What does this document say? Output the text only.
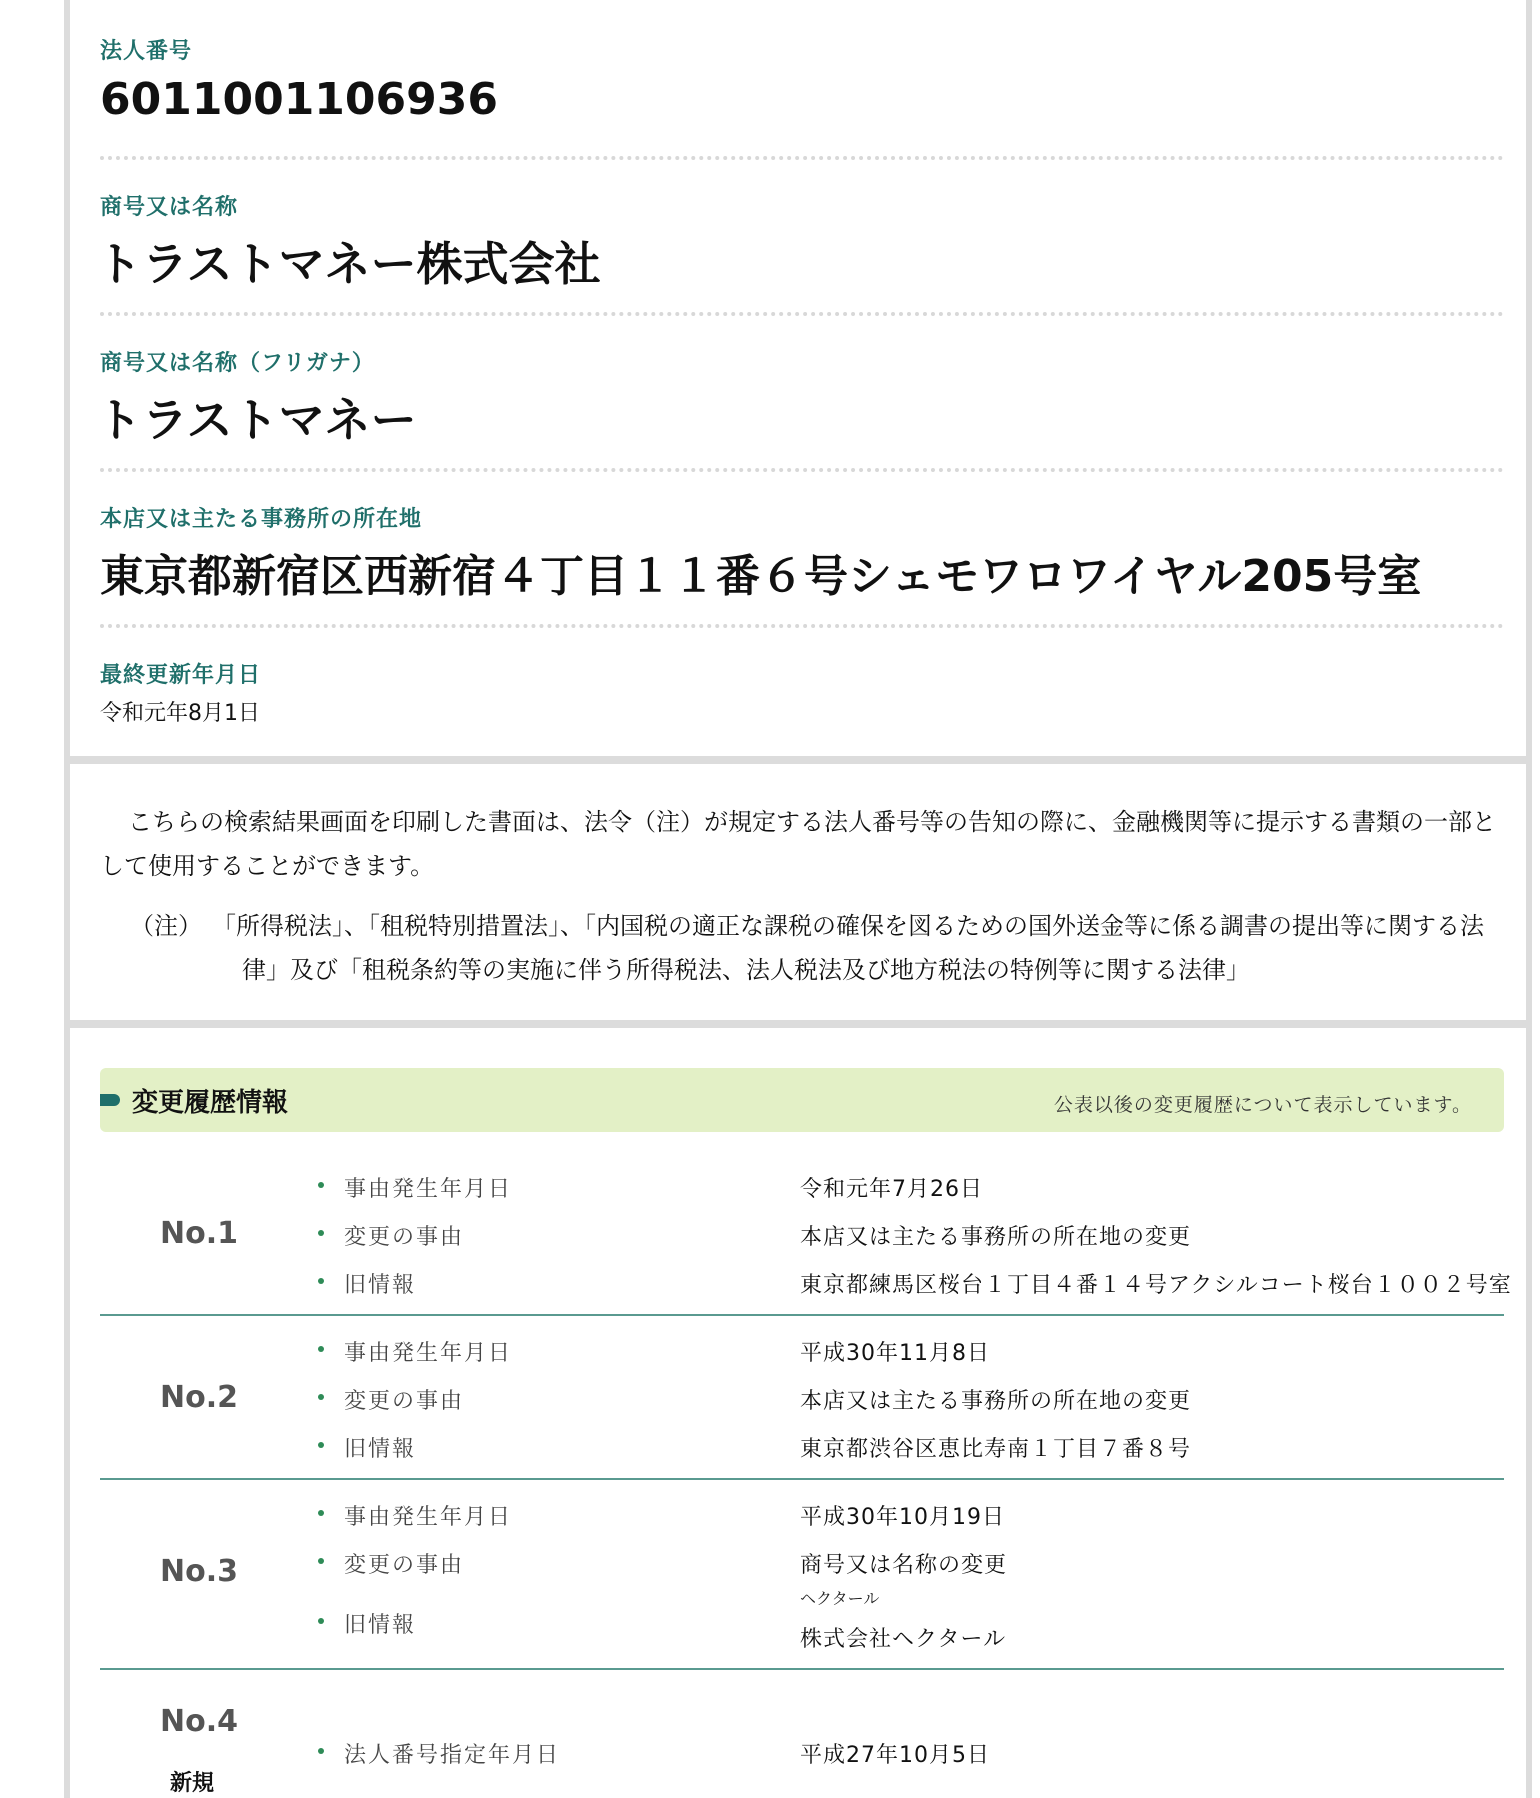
法人番号
6011001106936
商号又は名称
トラストマネー株式会社
商号又は名称（フリガナ）
トラストマネー
本店又は主たる事務所の所在地
東京都新宿区西新宿４丁目１１番６号シェモワロワイヤル205号室
最終更新年月日
令和元年8月1日

こちらの検索結果画面を印刷した書面は、法令（注）が規定する法人番号等の告知の際に、金融機関等に提示する書類の一部として使用することができます。

（注） 「所得税法」、「租税特別措置法」、「内国税の適正な課税の確保を図るための国外送金等に係る調書の提出等に関する法律」及び「租税条約等の実施に伴う所得税法、法人税法及び地方税法の特例等に関する法律」
変更履歴情報	公表以後の変更履歴について表示しています。
No.1
事由発生年月日	令和元年7月26日
変更の事由	本店又は主たる事務所の所在地の変更
旧情報	東京都練馬区桜台１丁目４番１４号アクシルコート桜台１００２号室
No.2
事由発生年月日	平成30年11月8日
変更の事由	本店又は主たる事務所の所在地の変更
旧情報	東京都渋谷区恵比寿南１丁目７番８号
No.3
事由発生年月日	平成30年10月19日
変更の事由	商号又は名称の変更
旧情報
ヘクタール
株式会社ヘクタール
No.4
新規
法人番号指定年月日	平成27年10月5日
